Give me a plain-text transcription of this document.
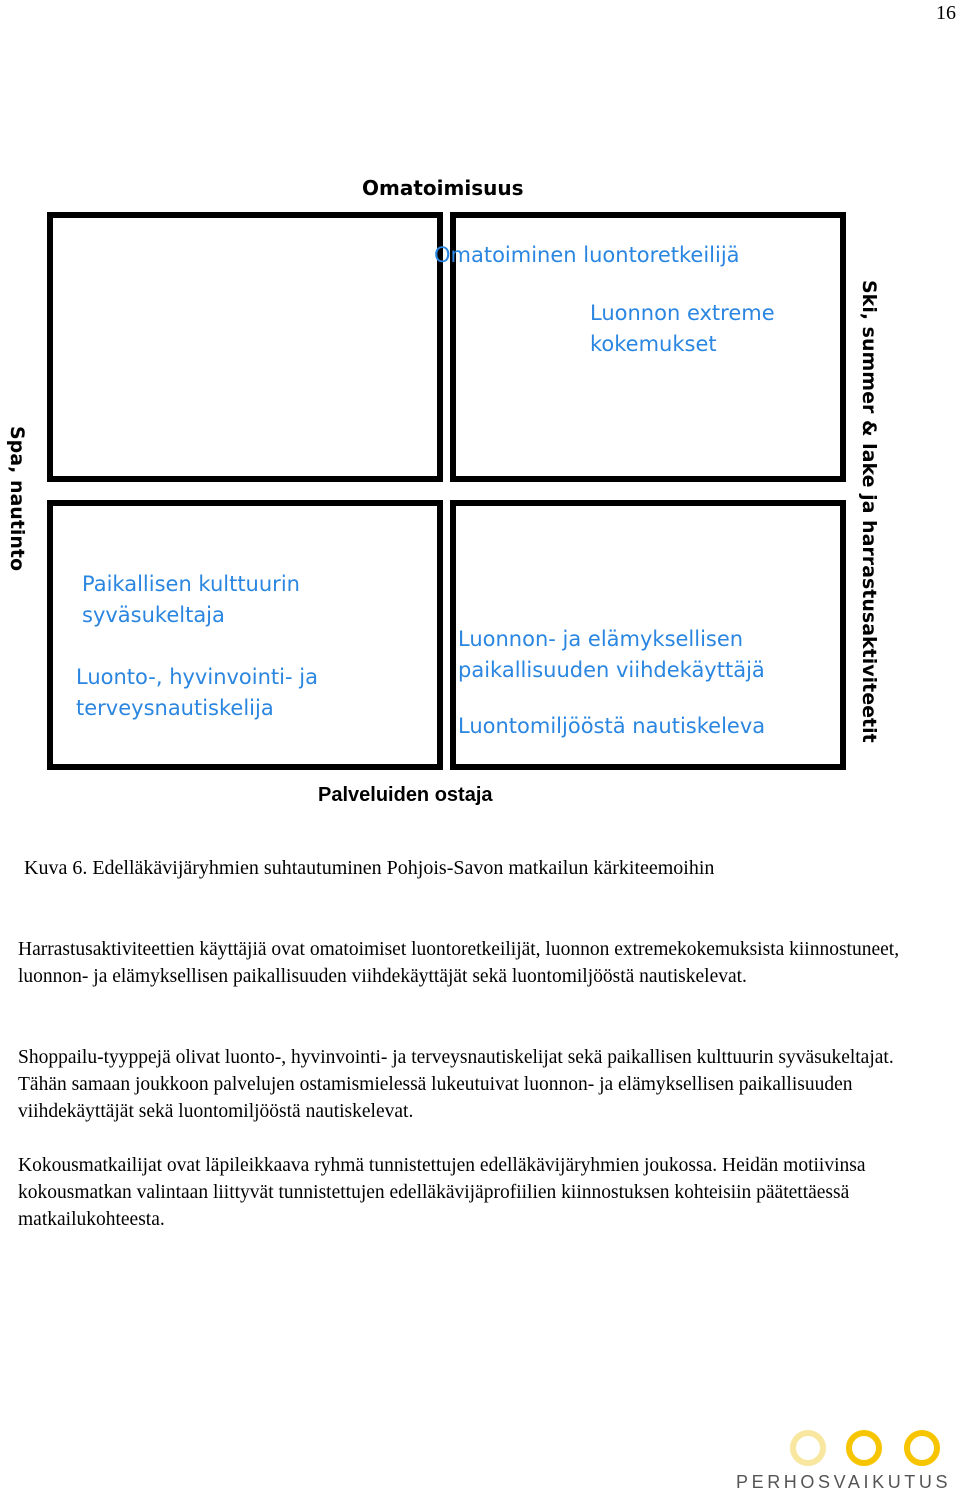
16
Omatoimisuus
Spa, nautinto	Ski, summer & lake ja harrastusaktiviteetit
Omatoiminen luontoretkeilijä
Luonnon extreme
kokemukset
Paikallisen kulttuurin
syväsukeltaja
Luonto-, hyvinvointi- ja
terveysnautiskelija
Luonnon- ja elämyksellisen
paikallisuuden viihdekäyttäjä
Luontomiljööstä nautiskeleva
Palveluiden ostaja
Kuva 6. Edelläkävijäryhmien suhtautuminen Pohjois-Savon matkailun kärkiteemoihin

Harrastusaktiviteettien käyttäjiä ovat omatoimiset luontoretkeilijät, luonnon extremekokemuksista kiinnostuneet, luonnon- ja elämyksellisen paikallisuuden viihdekäyttäjät sekä luontomiljööstä nautiskelevat.

Shoppailu-tyyppejä olivat luonto-, hyvinvointi- ja terveysnautiskelijat sekä paikallisen kulttuurin syväsukeltajat. Tähän samaan joukkoon palvelujen ostamismielessä lukeutuivat luonnon- ja elämyksellisen paikallisuuden viihdekäyttäjät sekä luontomiljööstä nautiskelevat.

Kokousmatkailijat ovat läpileikkaava ryhmä tunnistettujen edelläkävijäryhmien joukossa. Heidän motiivinsa kokousmatkan valintaan liittyvät tunnistettujen edelläkävijäprofiilien kiinnostuksen kohteisiin päätettäessä matkailukohteesta.

PERHOSVAIKUTUS
